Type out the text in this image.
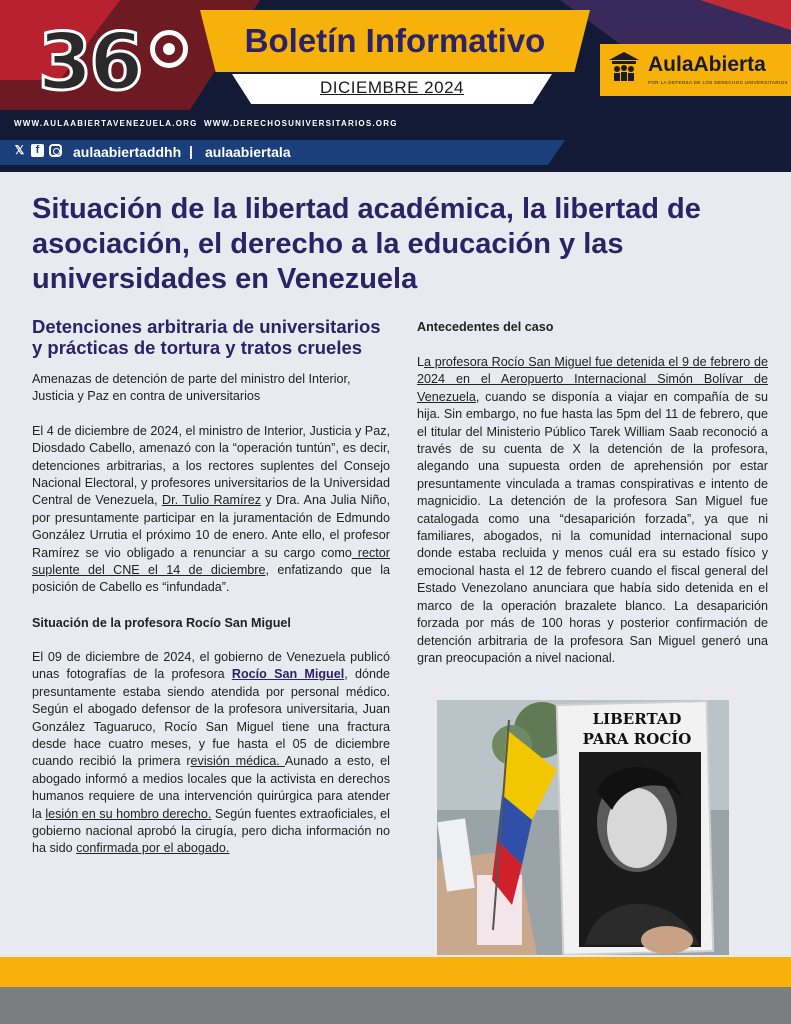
36	Boletín Informativo
DICIEMBRE 2024
WWW.AULAABIERTAVENEZUELA.ORG WWW.DERECHOSUNIVERSITARIOS.ORG
AulaAbierta
POR LA DEFENSA DE LOS DERECHOS UNIVERSITARIOS
𝕏	f	aulaabiertaddhh | aulaabiertala
Situación de la libertad académica, la libertad de asociación, el derecho a la educación y las universidades en Venezuela
Detenciones arbitraria de universitarios y prácticas de tortura y tratos crueles

Amenazas de detención de parte del ministro del Interior, Justicia y Paz en contra de universitarios

El 4 de diciembre de 2024, el ministro de Interior, Justicia y Paz, Diosdado Cabello, amenazó con la “operación tuntún”, es decir, detenciones arbitrarias, a los rectores suplentes del Consejo Nacional Electoral, y profesores universitarios de la Universidad Central de Venezuela, Dr. Tulio Ramírez y Dra. Ana Julia Niño, por presuntamente participar en la juramentación de Edmundo González Urrutia el próximo 10 de enero. Ante ello, el profesor Ramírez se vio obligado a renunciar a su cargo como rector suplente del CNE el 14 de diciembre, enfatizando que la posición de Cabello es “infundada”.

Situación de la profesora Rocío San Miguel

El 09 de diciembre de 2024, el gobierno de Venezuela publicó unas fotografías de la profesora Rocío San Miguel, dónde presuntamente estaba siendo atendida por personal médico. Según el abogado defensor de la profesora universitaria, Juan González Taguaruco, Rocío San Miguel tiene una fractura desde hace cuatro meses, y fue hasta el 05 de diciembre cuando recibió la primera revisión médica. Aunado a esto, el abogado informó a medios locales que la activista en derechos humanos requiere de una intervención quirúrgica para atender la lesión en su hombro derecho. Según fuentes extraoficiales, el gobierno nacional aprobó la cirugía, pero dicha información no ha sido confirmada por el abogado.

Antecedentes del caso

La profesora Rocío San Miguel fue detenida el 9 de febrero de 2024 en el Aeropuerto Internacional Simón Bolívar de Venezuela, cuando se disponía a viajar en compañía de su hija. Sin embargo, no fue hasta las 5pm del 11 de febrero, que el titular del Ministerio Público Tarek William Saab reconoció a través de su cuenta de X la detención de la profesora, alegando una supuesta orden de aprehensión por estar presuntamente vinculada a tramas conspirativas e intento de magnicidio. La detención de la profesora San Miguel fue catalogada como una “desaparición forzada”, ya que ni familiares, abogados, ni la comunidad internacional supo donde estaba recluida y menos cuál era su estado físico y emocional hasta el 12 de febrero cuando el fiscal general del Estado Venezolano anunciara que había sido detenida en el marco de la operación brazalete blanco. La desaparición forzada por más de 100 horas y posterior confirmación de detención arbitraria de la profesora San Miguel generó una gran preocupación a nivel nacional.

LIBERTAD
PARA ROCÍO
